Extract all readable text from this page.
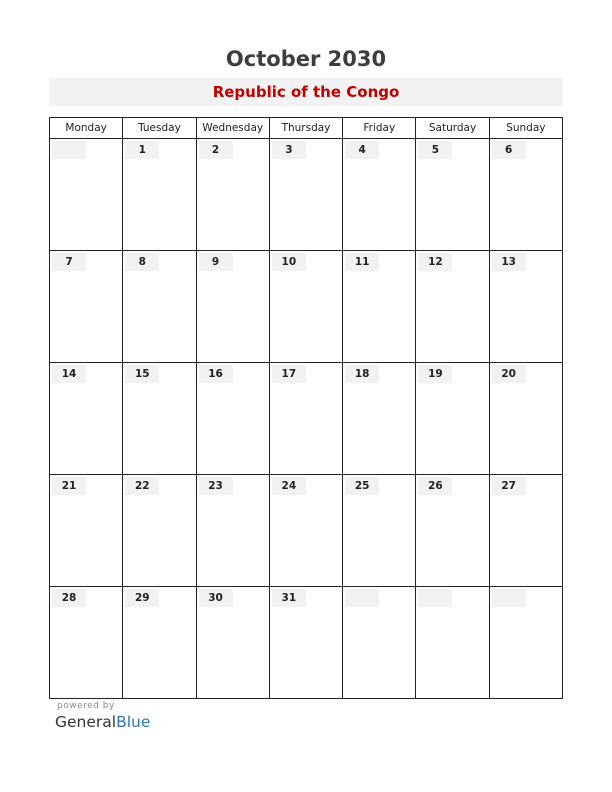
October 2030
Republic of the Congo
Monday	Tuesday	Wednesday	Thursday	Friday	Saturday	Sunday

	1	2	3	4	5	6

7	8	9	10	11	12	13

14	15	16	17	18	19	20

21	22	23	24	25	26	27

28	29	30	31			

powered by
GeneralBlue
